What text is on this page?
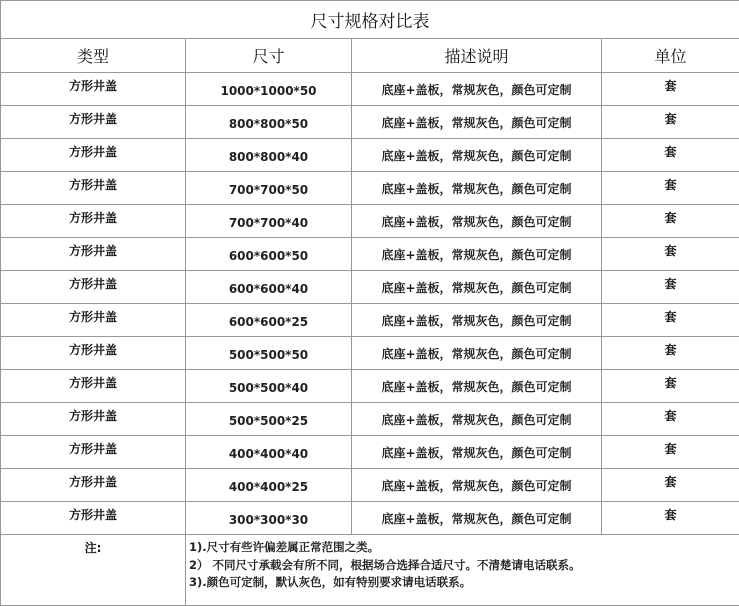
尺寸规格对比表			
类型	尺寸	描述说明	单位
方形井盖	1000*1000*50	底座+盖板，常规灰色，颜色可定制	套
方形井盖	800*800*50	底座+盖板，常规灰色，颜色可定制	套
方形井盖	800*800*40	底座+盖板，常规灰色，颜色可定制	套
方形井盖	700*700*50	底座+盖板，常规灰色，颜色可定制	套
方形井盖	700*700*40	底座+盖板，常规灰色，颜色可定制	套
方形井盖	600*600*50	底座+盖板，常规灰色，颜色可定制	套
方形井盖	600*600*40	底座+盖板，常规灰色，颜色可定制	套
方形井盖	600*600*25	底座+盖板，常规灰色，颜色可定制	套
方形井盖	500*500*50	底座+盖板，常规灰色，颜色可定制	套
方形井盖	500*500*40	底座+盖板，常规灰色，颜色可定制	套
方形井盖	500*500*25	底座+盖板，常规灰色，颜色可定制	套
方形井盖	400*400*40	底座+盖板，常规灰色，颜色可定制	套
方形井盖	400*400*25	底座+盖板，常规灰色，颜色可定制	套
方形井盖	300*300*30	底座+盖板，常规灰色，颜色可定制	套
注:	1).尺寸有些许偏差属正常范围之类。
2） 不同尺寸承载会有所不同，根据场合选择合适尺寸。不清楚请电话联系。
3).颜色可定制，默认灰色，如有特别要求请电话联系。		
